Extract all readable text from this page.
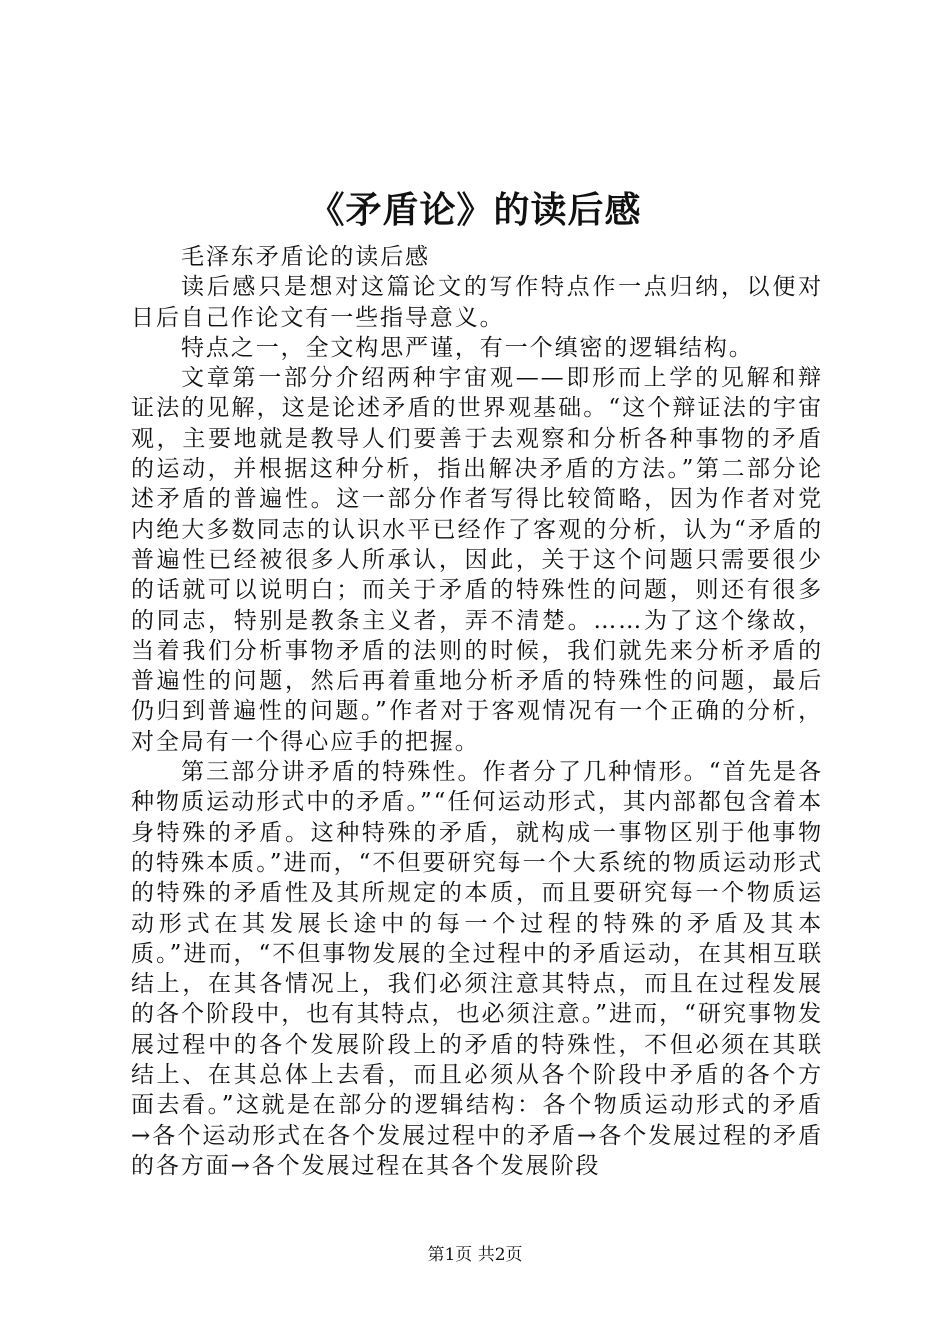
《矛盾论》的读后感

毛泽东矛盾论的读后感

读后感只是想对这篇论文的写作特点作一点归纳，以便对日后自己作论文有一些指导意义。

特点之一，全文构思严谨，有一个缜密的逻辑结构。

文章第一部分介绍两种宇宙观——即形而上学的见解和辩证法的见解，这是论述矛盾的世界观基础。“这个辩证法的宇宙观，主要地就是教导人们要善于去观察和分析各种事物的矛盾的运动，并根据这种分析，指出解决矛盾的方法。”第二部分论述矛盾的普遍性。这一部分作者写得比较简略，因为作者对党内绝大多数同志的认识水平已经作了客观的分析，认为“矛盾的普遍性已经被很多人所承认，因此，关于这个问题只需要很少的话就可以说明白；而关于矛盾的特殊性的问题，则还有很多的同志，特别是教条主义者，弄不清楚。……为了这个缘故，当着我们分析事物矛盾的法则的时候，我们就先来分析矛盾的普遍性的问题，然后再着重地分析矛盾的特殊性的问题，最后仍归到普遍性的问题。”作者对于客观情况有一个正确的分析，对全局有一个得心应手的把握。

第三部分讲矛盾的特殊性。作者分了几种情形。“首先是各种物质运动形式中的矛盾。”“任何运动形式，其内部都包含着本身特殊的矛盾。这种特殊的矛盾，就构成一事物区别于他事物的特殊本质。”进而，“不但要研究每一个大系统的物质运动形式的特殊的矛盾性及其所规定的本质，而且要研究每一个物质运动形式在其发展长途中的每一个过程的特殊的矛盾及其本质。”进而，“不但事物发展的全过程中的矛盾运动，在其相互联结上，在其各情况上，我们必须注意其特点，而且在过程发展的各个阶段中，也有其特点，也必须注意。”进而，“研究事物发展过程中的各个发展阶段上的矛盾的特殊性，不但必须在其联结上、在其总体上去看，而且必须从各个阶段中矛盾的各个方面去看。”这就是在部分的逻辑结构：各个物质运动形式的矛盾→各个运动形式在各个发展过程中的矛盾→各个发展过程的矛盾的各方面→各个发展过程在其各个发展阶段

第1页 共2页
